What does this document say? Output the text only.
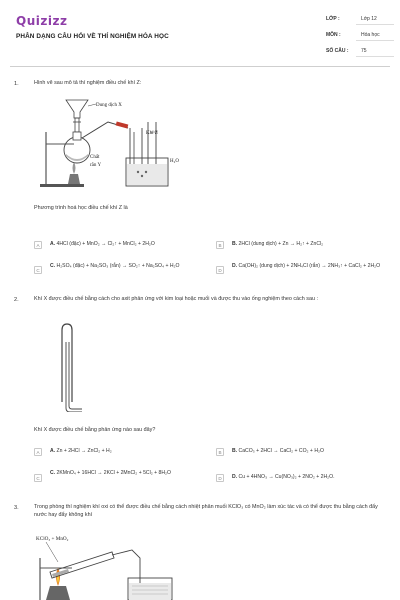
Quizizz
PHÂN DẠNG CÂU HỎI VỀ THÍ NGHIỆM HÓA HỌC
LỚP :	Lớp 12
MÔN :	Hóa học
SỐ CÂU :	75
1.	Hình vẽ sau mô tả thí nghiệm điều chế khí Z:
Dung dịch X
Khí Z
Chất
rắn Y
H₂O
Phương trình hoá học điều chế khí Z là
A	A. 4HCl (đặc) + MnO₂ → Cl₂↑ + MnCl₂ + 2H₂O	B	B. 2HCl (dung dịch) + Zn → H₂↑ + ZnCl₂
C
C. H₂SO₄ (đặc) + Na₂SO₃ (rắn) → SO₂↑ + Na₂SO₄ + H₂O
D
D. Ca(OH)₂ (dung dịch) + 2NH₄Cl (rắn) → 2NH₃↑ + CaCl₂ + 2H₂O
2.	Khí X được điều chế bằng cách cho axit phản ứng với kim loại hoặc muối và được thu vào ống nghiệm theo cách sau :
Khí X được điều chế bằng phản ứng nào sau đây?
A	A. Zn + 2HCl → ZnCl₂ + H₂	B	B. CaCO₃ + 2HCl → CaCl₂ + CO₂ + H₂O
C
C. 2KMnO₄ + 16HCl → 2KCl + 2MnCl₂ + 5Cl₂ + 8H₂O
D	D. Cu + 4HNO₃ → Cu(NO₃)₂ + 2NO₂ + 2H₂O.
3.	Trong phòng thí nghiệm khí oxi có thể được điều chế bằng cách nhiệt phân muối KClO₃ có MnO₂ làm xúc tác và có thể được thu bằng cách đẩy nước hay đẩy không khí
KClO₃ + MnO₂
